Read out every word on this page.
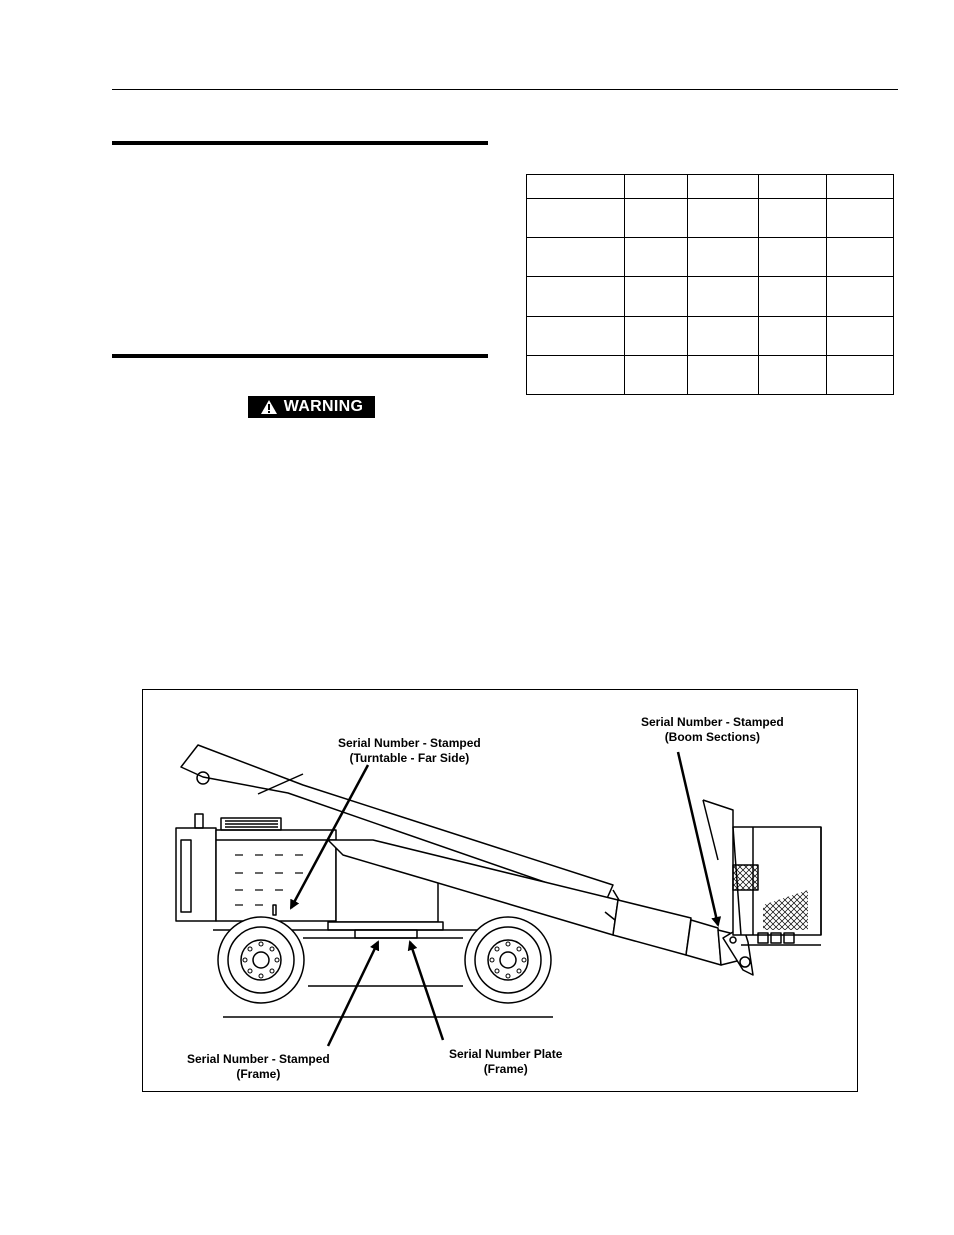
WARNING

Serial Number - Stamped
(Turntable - Far Side)
Serial Number - Stamped
(Boom Sections)
Serial Number - Stamped
(Frame)
Serial Number Plate
(Frame)
